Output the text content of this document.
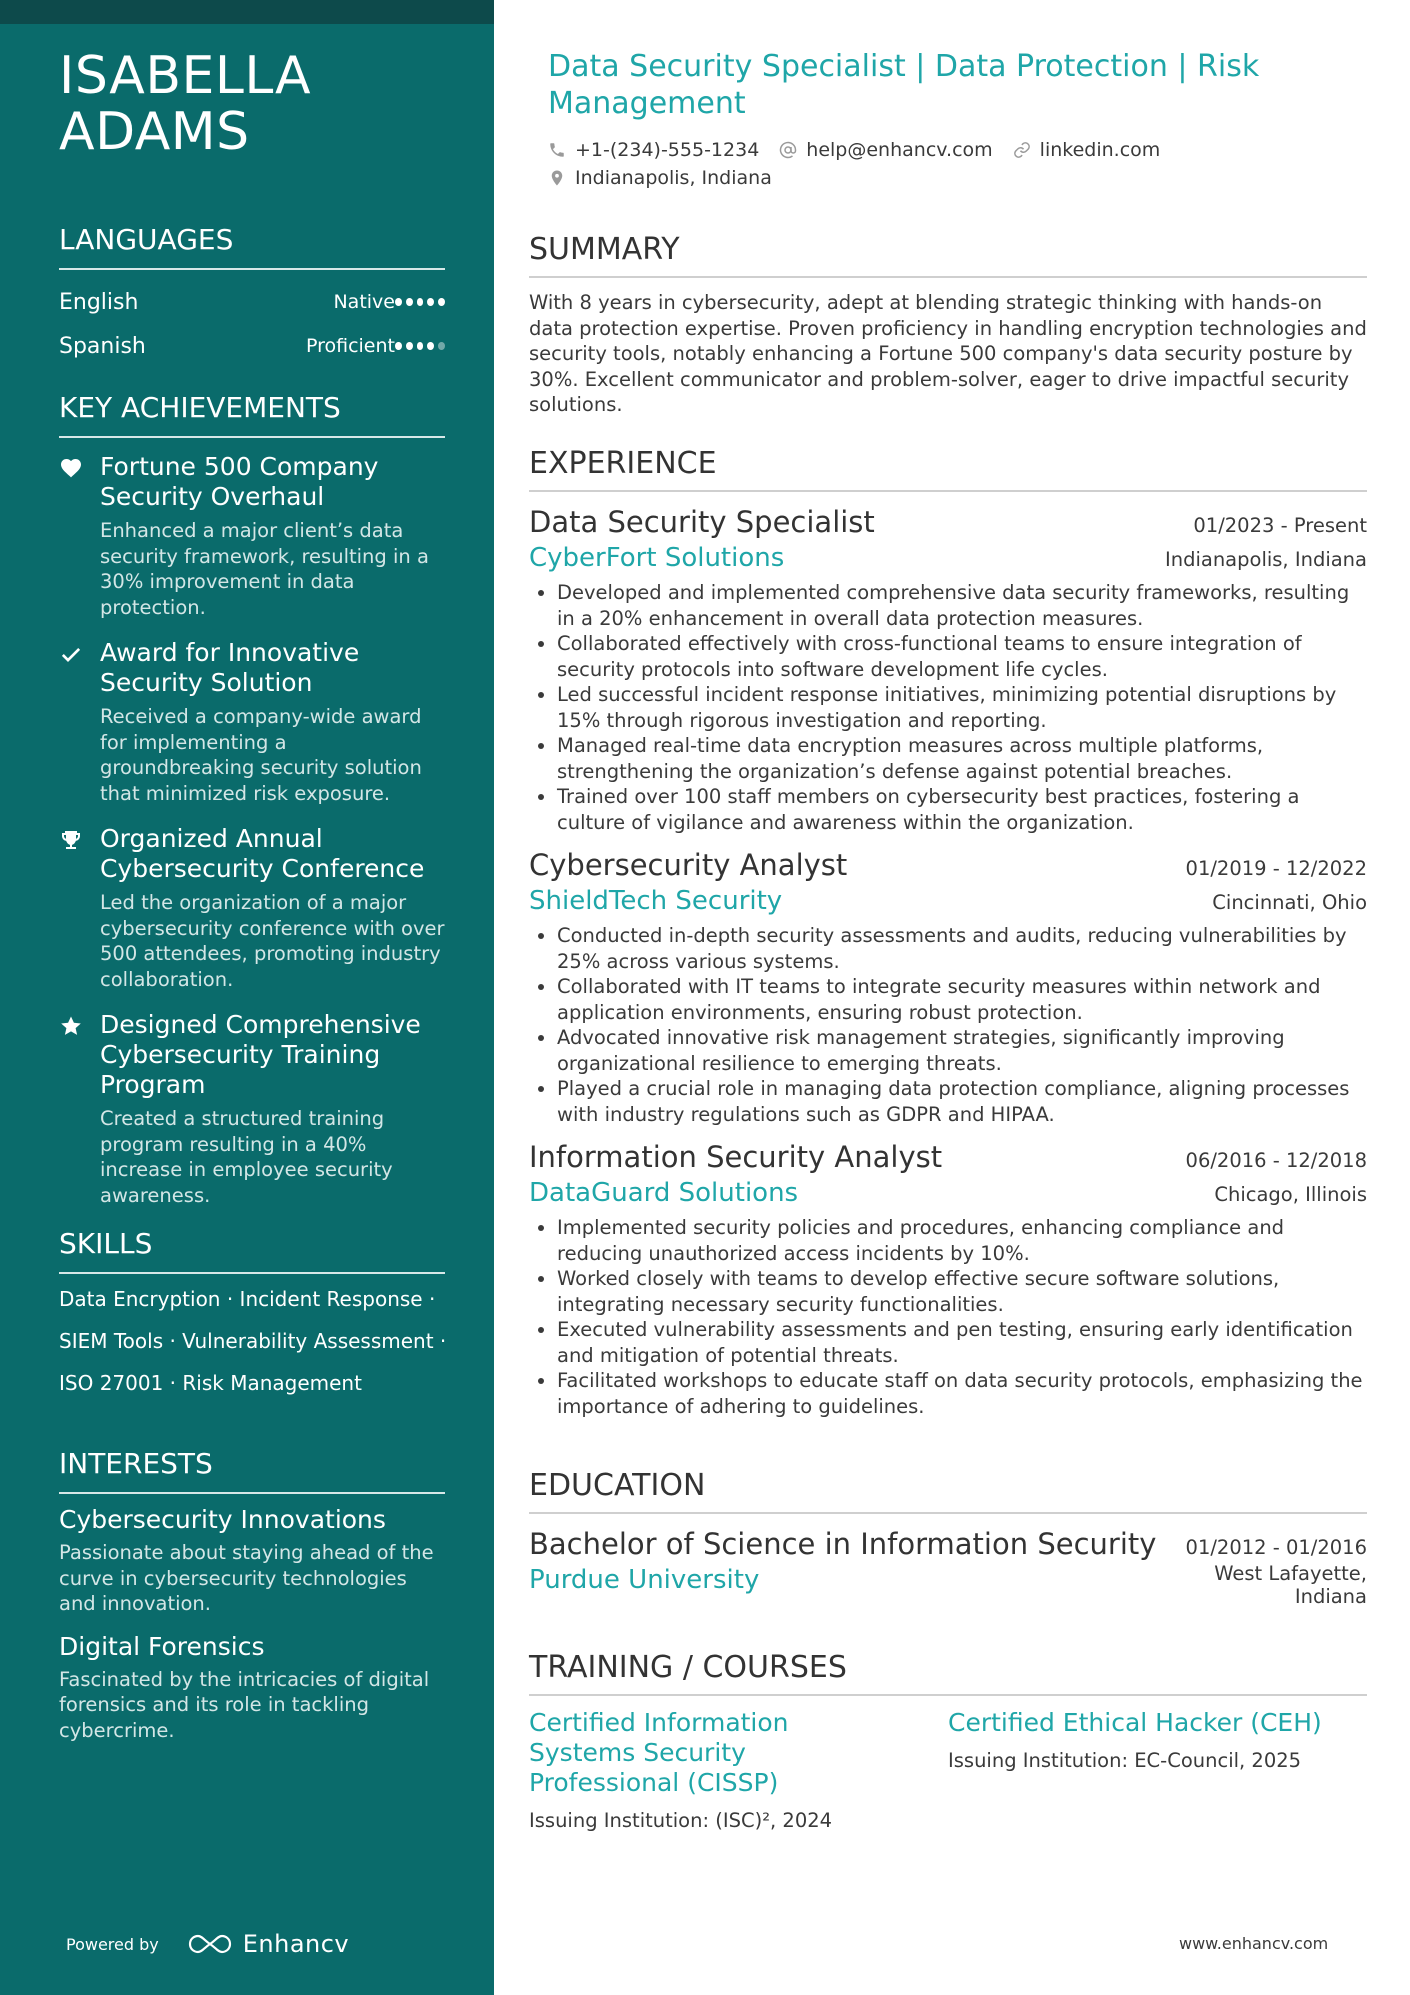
ISABELLA
ADAMS
LANGUAGES
English	Native
Spanish	Proficient
KEY ACHIEVEMENTS
Fortune 500 Company Security Overhaul
Enhanced a major client’s data security framework, resulting in a 30% improvement in data protection.
Award for Innovative Security Solution
Received a company-wide award for implementing a groundbreaking security solution that minimized risk exposure.
Organized Annual Cybersecurity Conference
Led the organization of a major cybersecurity conference with over 500 attendees, promoting industry collaboration.
Designed Comprehensive Cybersecurity Training Program
Created a structured training program resulting in a 40% increase in employee security awareness.
SKILLS
Data Encryption · Incident Response ·
SIEM Tools · Vulnerability Assessment ·
ISO 27001 · Risk Management
INTERESTS
Cybersecurity Innovations
Passionate about staying ahead of the curve in cybersecurity technologies and innovation.
Digital Forensics
Fascinated by the intricacies of digital forensics and its role in tackling cybercrime.
Powered by	Enhancv
Data Security Specialist | Data Protection | Risk Management
+1-(234)-555-1234 help@enhancv.com linkedin.com
Indianapolis, Indiana
SUMMARY

With 8 years in cybersecurity, adept at blending strategic thinking with hands-on data protection expertise. Proven proficiency in handling encryption technologies and security tools, notably enhancing a Fortune 500 company's data security posture by 30%. Excellent communicator and problem-solver, eager to drive impactful security solutions.

EXPERIENCE
Data Security Specialist	01/2023 - Present
CyberFort Solutions	Indianapolis, Indiana
Developed and implemented comprehensive data security frameworks, resulting in a 20% enhancement in overall data protection measures.
Collaborated effectively with cross-functional teams to ensure integration of security protocols into software development life cycles.
Led successful incident response initiatives, minimizing potential disruptions by 15% through rigorous investigation and reporting.
Managed real-time data encryption measures across multiple platforms, strengthening the organization’s defense against potential breaches.
Trained over 100 staff members on cybersecurity best practices, fostering a culture of vigilance and awareness within the organization.
Cybersecurity Analyst	01/2019 - 12/2022
ShieldTech Security	Cincinnati, Ohio
Conducted in-depth security assessments and audits, reducing vulnerabilities by 25% across various systems.
Collaborated with IT teams to integrate security measures within network and application environments, ensuring robust protection.
Advocated innovative risk management strategies, significantly improving organizational resilience to emerging threats.
Played a crucial role in managing data protection compliance, aligning processes with industry regulations such as GDPR and HIPAA.
Information Security Analyst	06/2016 - 12/2018
DataGuard Solutions	Chicago, Illinois
Implemented security policies and procedures, enhancing compliance and reducing unauthorized access incidents by 10%.
Worked closely with teams to develop effective secure software solutions, integrating necessary security functionalities.
Executed vulnerability assessments and pen testing, ensuring early identification and mitigation of potential threats.
Facilitated workshops to educate staff on data security protocols, emphasizing the importance of adhering to guidelines.
EDUCATION
Bachelor of Science in Information Security 01/2012 - 01/2016
Purdue University	West Lafayette,
Indiana
TRAINING / COURSES
Certified Information Systems Security Professional (CISSP)
Issuing Institution: (ISC)², 2024
Certified Ethical Hacker (CEH)
Issuing Institution: EC-Council, 2025
www.enhancv.com
